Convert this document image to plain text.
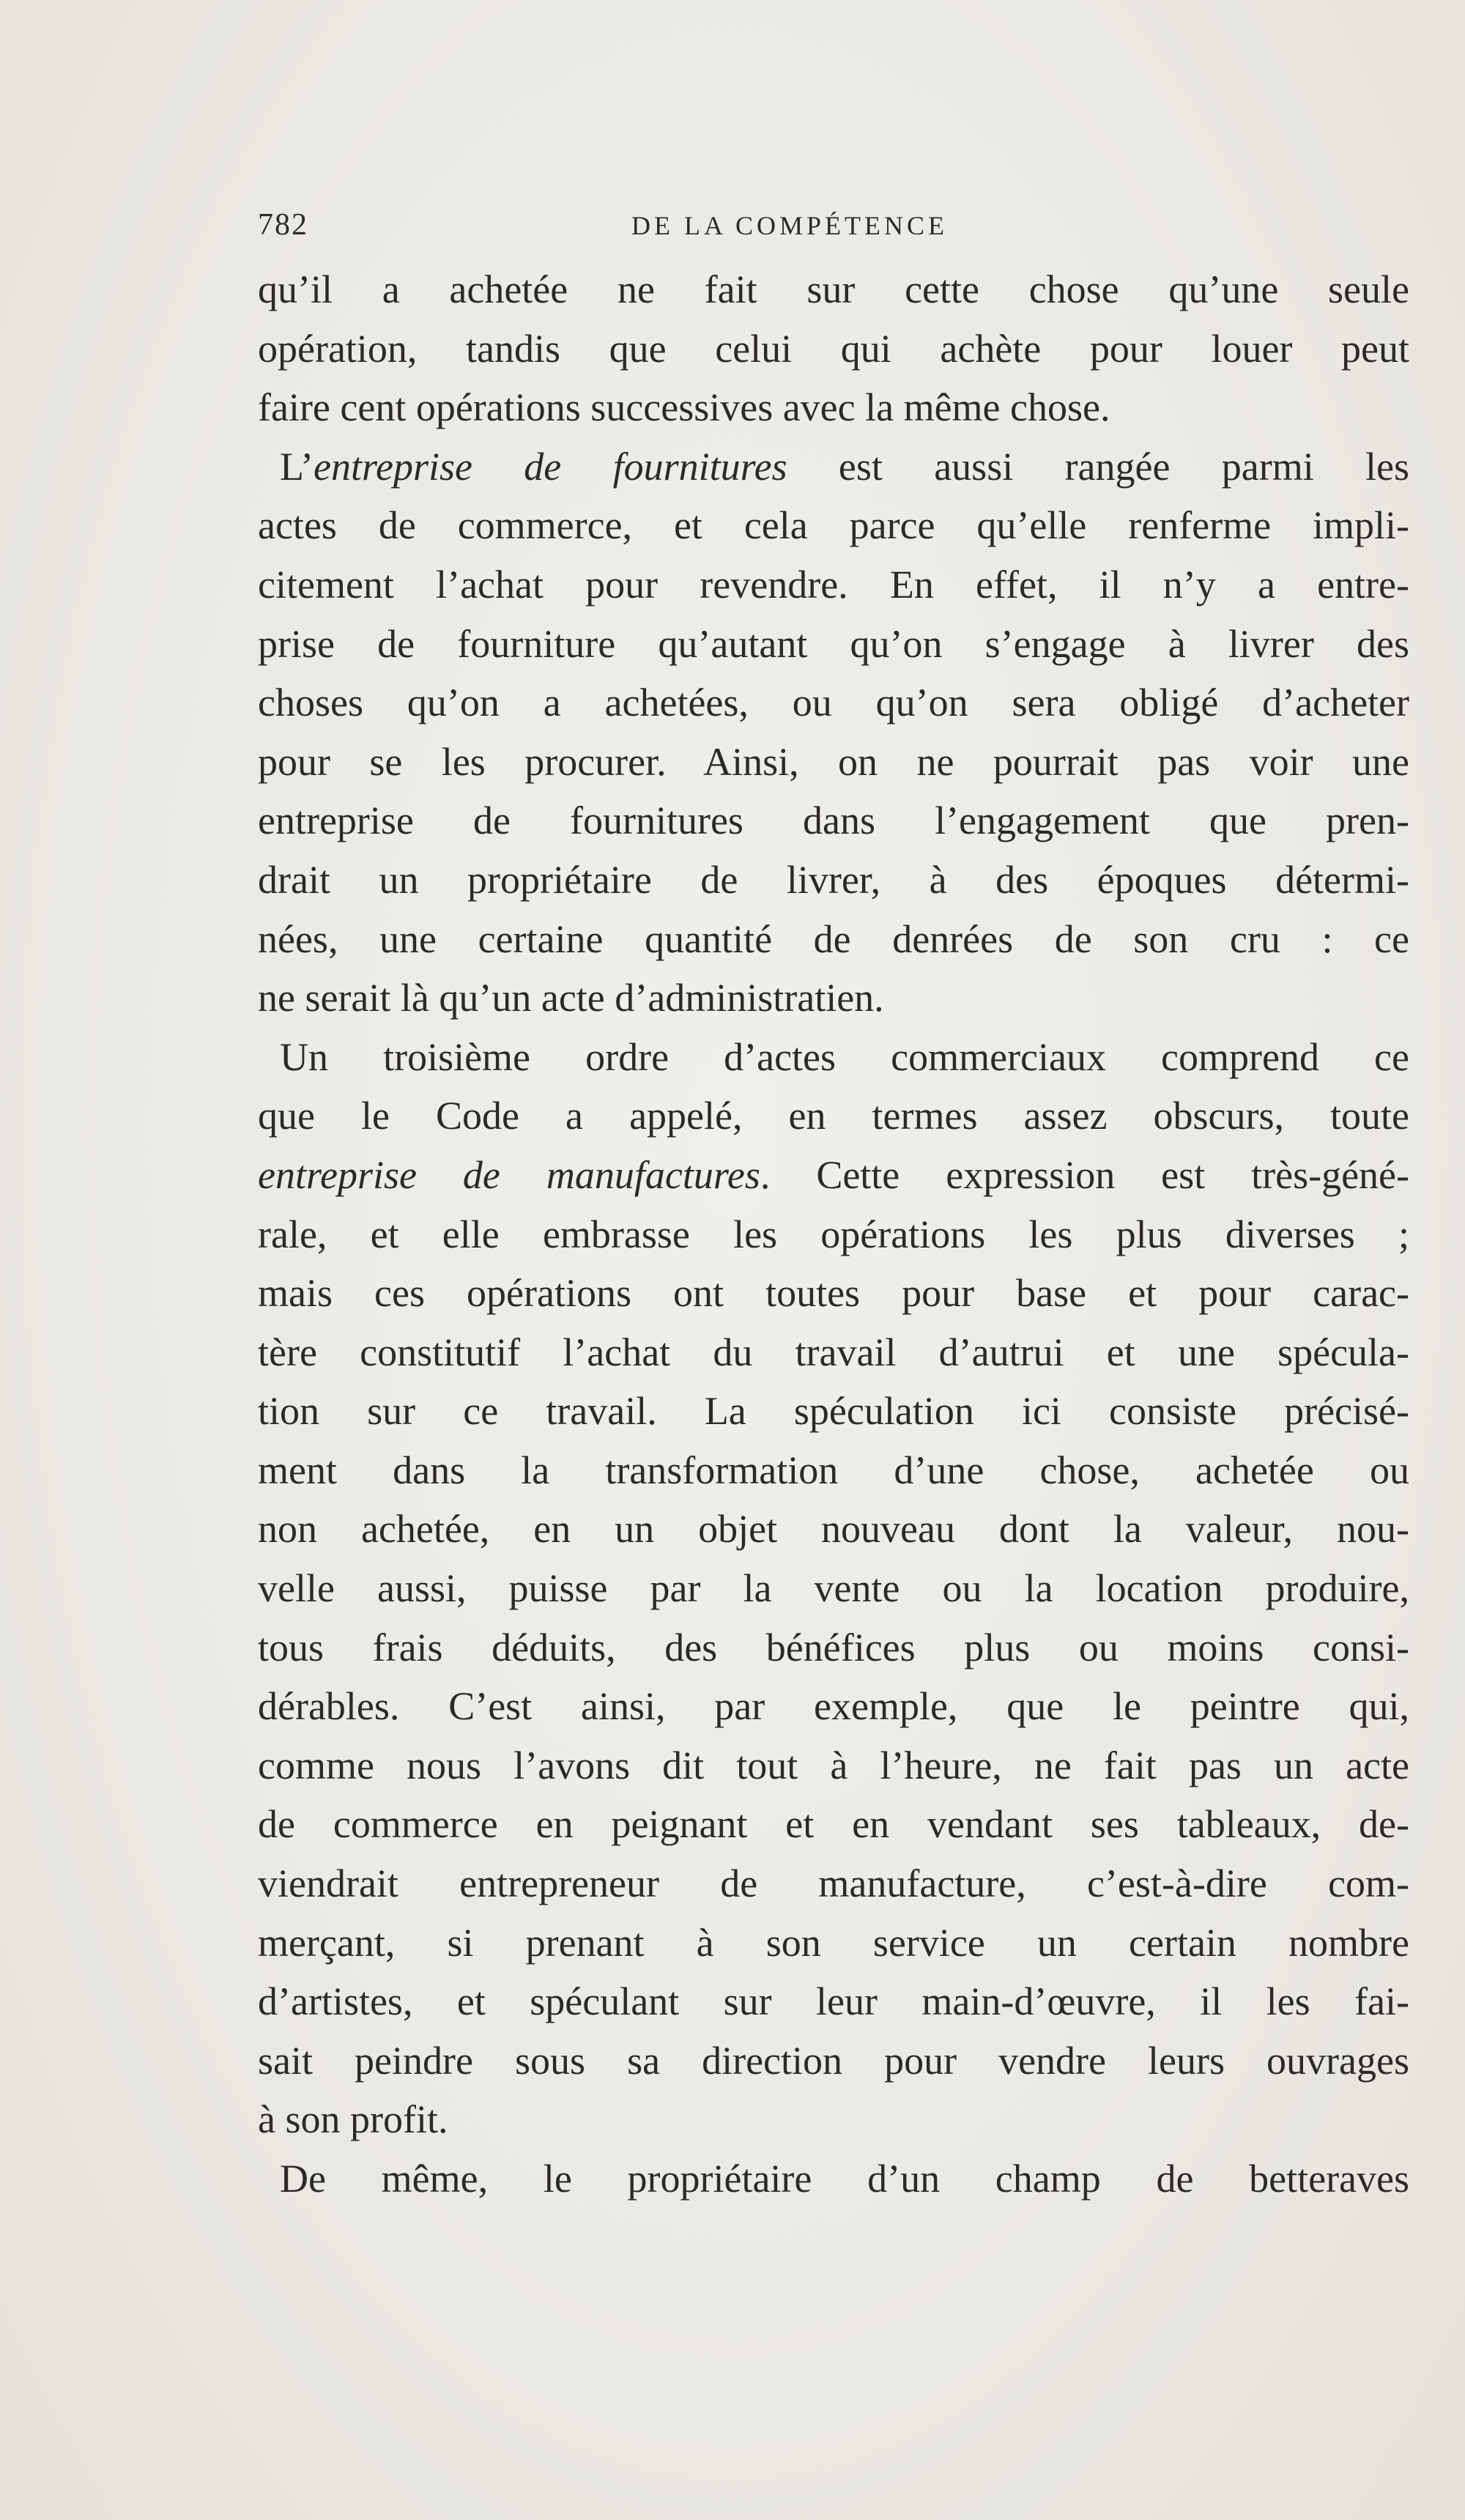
782	DE LA COMPÉTENCE
qu’il a achetée ne fait sur cette chose qu’une seule
opération, tandis que celui qui achète pour louer peut
faire cent opérations successives avec la même chose.
L’entreprise de fournitures est aussi rangée parmi les
actes de commerce, et cela parce qu’elle renferme impli-
citement l’achat pour revendre. En effet, il n’y a entre-
prise de fourniture qu’autant qu’on s’engage à livrer des
choses qu’on a achetées, ou qu’on sera obligé d’acheter
pour se les procurer. Ainsi, on ne pourrait pas voir une
entreprise de fournitures dans l’engagement que pren-
drait un propriétaire de livrer, à des époques détermi-
nées, une certaine quantité de denrées de son cru : ce
ne serait là qu’un acte d’administratien.
Un troisième ordre d’actes commerciaux comprend ce
que le Code a appelé, en termes assez obscurs, toute
entreprise de manufactures. Cette expression est très-géné-
rale, et elle embrasse les opérations les plus diverses ;
mais ces opérations ont toutes pour base et pour carac-
tère constitutif l’achat du travail d’autrui et une spécula-
tion sur ce travail. La spéculation ici consiste précisé-
ment dans la transformation d’une chose, achetée ou
non achetée, en un objet nouveau dont la valeur, nou-
velle aussi, puisse par la vente ou la location produire,
tous frais déduits, des bénéfices plus ou moins consi-
dérables. C’est ainsi, par exemple, que le peintre qui,
comme nous l’avons dit tout à l’heure, ne fait pas un acte
de commerce en peignant et en vendant ses tableaux, de-
viendrait entrepreneur de manufacture, c’est-à-dire com-
merçant, si prenant à son service un certain nombre
d’artistes, et spéculant sur leur main-d’œuvre, il les fai-
sait peindre sous sa direction pour vendre leurs ouvrages
à son profit.
De même, le propriétaire d’un champ de betteraves
